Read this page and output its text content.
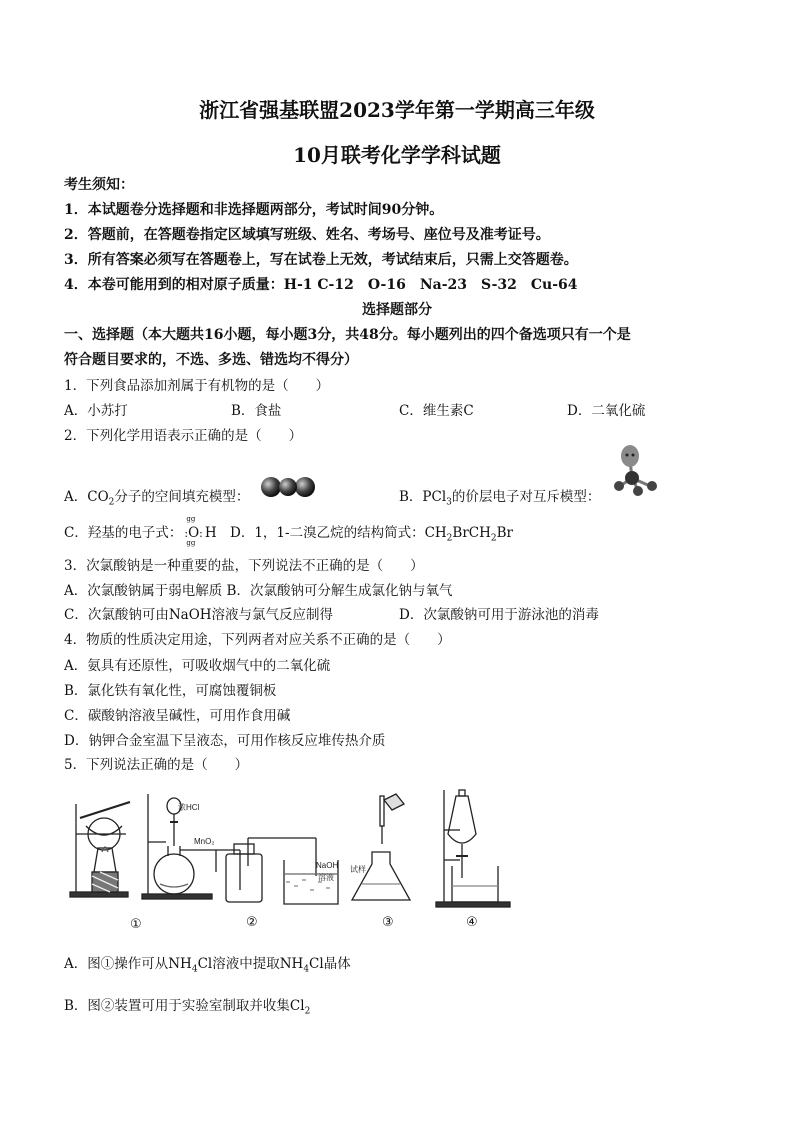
浙江省强基联盟2023学年第一学期高三年级
10月联考化学学科试题
考生须知：
1．本试题卷分选择题和非选择题两部分，考试时间90分钟。
2．答题前，在答题卷指定区域填写班级、姓名、考场号、座位号及准考证号。
3．所有答案必须写在答题卷上，写在试卷上无效，考试结束后，只需上交答题卷。
4．本卷可能用到的相对原子质量：H-1 C-12　O-16　Na-23　S-32　Cu-64
选择题部分
一、选择题（本大题共16小题，每小题3分，共48分。每小题列出的四个备选项只有一个是
符合题目要求的，不选、多选、错选均不得分）
1．下列食品添加剂属于有机物的是（　　）
A．小苏打	B．食盐	C．维生素C	D．二氧化硫
2．下列化学用语表示正确的是（　　）
A．$CO_2$分子的空间填充模型：	B．PCl$_3$的价层电子对互斥模型：
C．羟基的电子式：
gg
:O
gg
: H D．1，1-二溴乙烷的结构简式：$CH_2BrCH_2Br$
3．次氯酸钠是一种重要的盐，下列说法不正确的是（　　）
A．次氯酸钠属于弱电解质 B．次氯酸钠可分解生成氯化钠与氧气
C．次氯酸钠可由NaOH溶液与氯气反应制得	D．次氯酸钠可用于游泳池的消毒
4．物质的性质决定用途，下列两者对应关系不正确的是（　　）
A．氨具有还原性，可吸收烟气中的二氧化硫
B．氯化铁有氧化性，可腐蚀覆铜板
C．碳酸钠溶液呈碱性，可用作食用碱
D．钠钾合金室温下呈液态，可用作核反应堆传热介质
5．下列说法正确的是（　　）
浓HCl
MnO₂
NaOH
溶液
试样
①	②	③	④
A．图①操作可从$NH_4Cl$溶液中提取$NH_4Cl$晶体
B．图②装置可用于实验室制取并收集$Cl_2$
